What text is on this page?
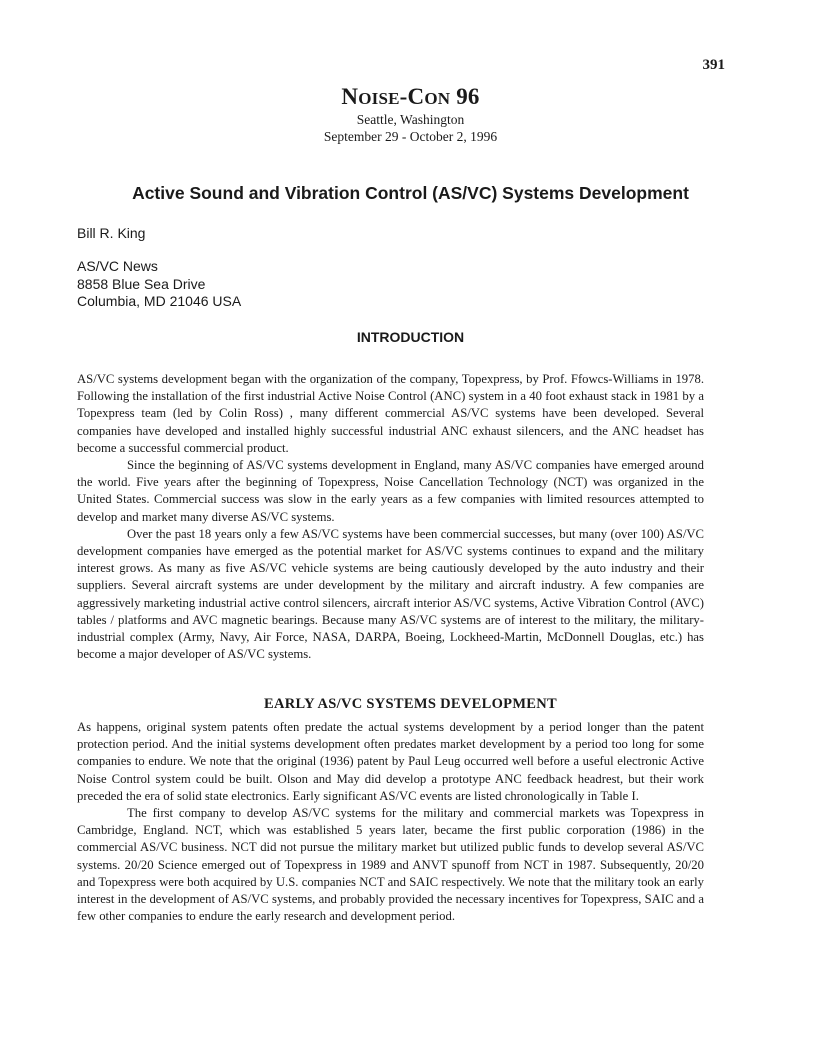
391
NOISE-CON 96
Seattle, Washington
September 29 - October 2, 1996
Active Sound and Vibration Control (AS/VC) Systems Development
Bill R. King
AS/VC News
8858 Blue Sea Drive
Columbia, MD 21046 USA
INTRODUCTION

AS/VC systems development began with the organization of the company, Topexpress, by Prof. Ffowcs-Williams in 1978. Following the installation of the first industrial Active Noise Control (ANC) system in a 40 foot exhaust stack in 1981 by a Topexpress team (led by Colin Ross) , many different commercial AS/VC systems have been developed. Several companies have developed and installed highly successful industrial ANC exhaust silencers, and the ANC headset has become a successful commercial product.

Since the beginning of AS/VC systems development in England, many AS/VC companies have emerged around the world. Five years after the beginning of Topexpress, Noise Cancellation Technology (NCT) was organized in the United States. Commercial success was slow in the early years as a few companies with limited resources attempted to develop and market many diverse AS/VC systems.

Over the past 18 years only a few AS/VC systems have been commercial successes, but many (over 100) AS/VC development companies have emerged as the potential market for AS/VC systems continues to expand and the military interest grows. As many as five AS/VC vehicle systems are being cautiously developed by the auto industry and their suppliers. Several aircraft systems are under development by the military and aircraft industry. A few companies are aggressively marketing industrial active control silencers, aircraft interior AS/VC systems, Active Vibration Control (AVC) tables / platforms and AVC magnetic bearings. Because many AS/VC systems are of interest to the military, the military-industrial complex (Army, Navy, Air Force, NASA, DARPA, Boeing, Lockheed-Martin, McDonnell Douglas, etc.) has become a major developer of AS/VC systems.

EARLY AS/VC SYSTEMS DEVELOPMENT

As happens, original system patents often predate the actual systems development by a period longer than the patent protection period. And the initial systems development often predates market development by a period too long for some companies to endure. We note that the original (1936) patent by Paul Leug occurred well before a useful electronic Active Noise Control system could be built. Olson and May did develop a prototype ANC feedback headrest, but their work preceded the era of solid state electronics. Early significant AS/VC events are listed chronologically in Table I.

The first company to develop AS/VC systems for the military and commercial markets was Topexpress in Cambridge, England. NCT, which was established 5 years later, became the first public corporation (1986) in the commercial AS/VC business. NCT did not pursue the military market but utilized public funds to develop several AS/VC systems. 20/20 Science emerged out of Topexpress in 1989 and ANVT spunoff from NCT in 1987. Subsequently, 20/20 and Topexpress were both acquired by U.S. companies NCT and SAIC respectively. We note that the military took an early interest in the development of AS/VC systems, and probably provided the necessary incentives for Topexpress, SAIC and a few other companies to endure the early research and development period.
